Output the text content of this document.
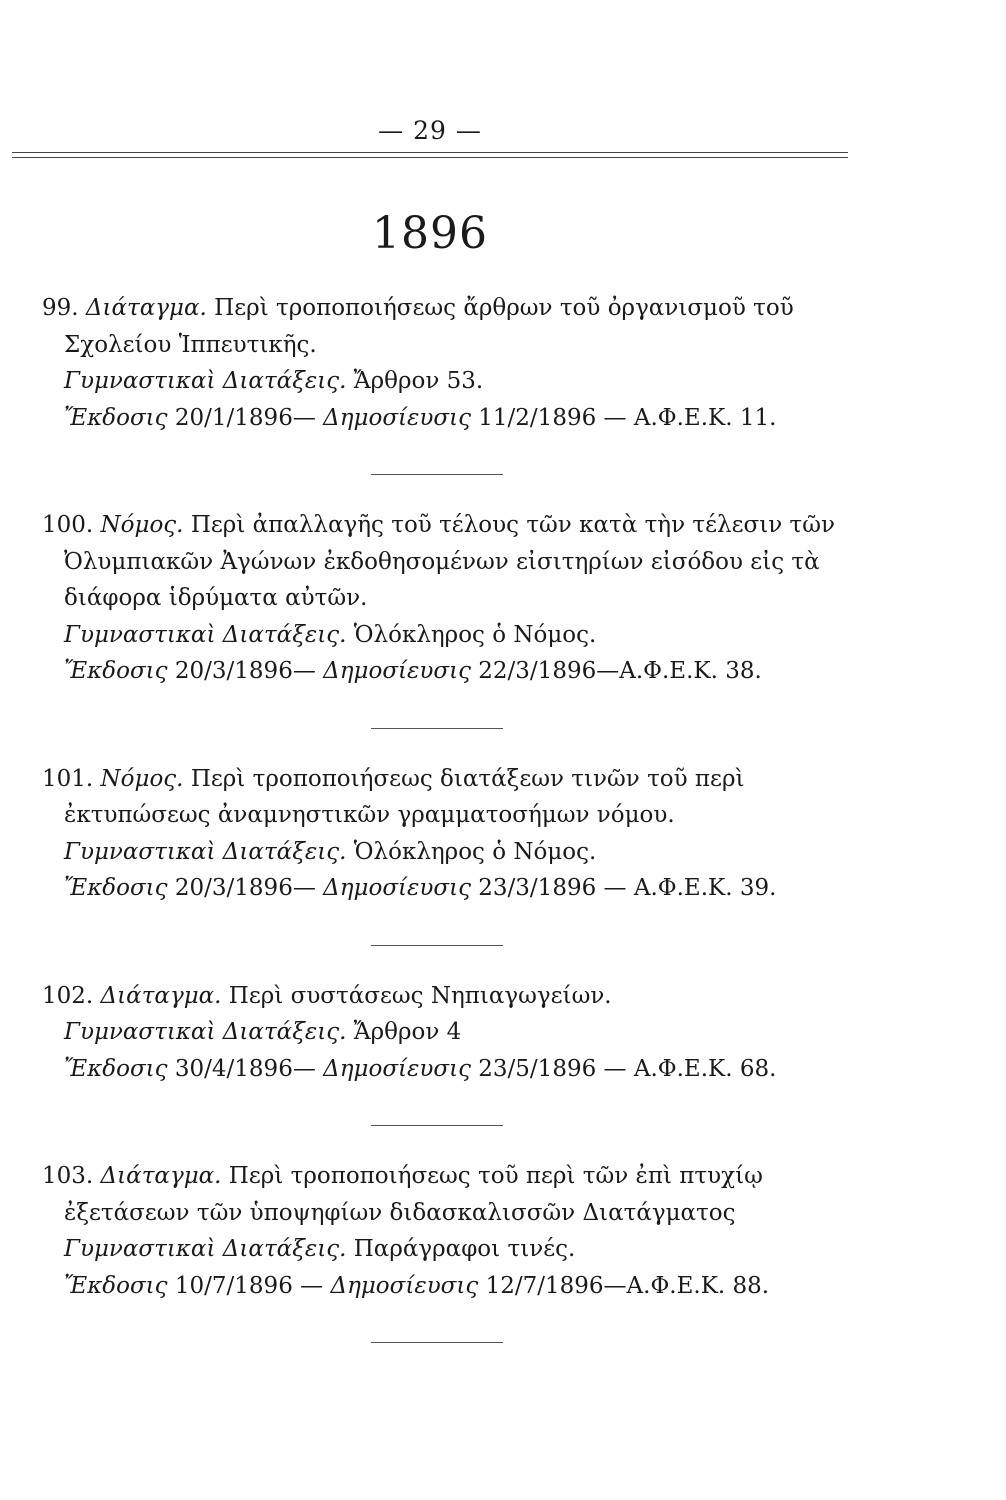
— 29 —
1896

99. Διάταγμα. Περὶ τροποποιήσεως ἄρθρων τοῦ ὀργανισμοῦ τοῦ Σχολείου Ἱππευτικῆς.

Γυμναστικαὶ Διατάξεις. Ἄρθρον 53.

Ἔκδοσις 20/1/1896— Δημοσίευσις 11/2/1896 — Α.Φ.Ε.Κ. 11.

100. Νόμος. Περὶ ἀπαλλαγῆς τοῦ τέλους τῶν κατὰ τὴν τέλεσιν τῶν Ὀλυμπιακῶν Ἀγώνων ἐκδοθησομένων εἰσιτηρίων εἰσόδου εἰς τὰ διάφορα ἱδρύματα αὐτῶν.

Γυμναστικαὶ Διατάξεις. Ὁλόκληρος ὁ Νόμος.

Ἔκδοσις 20/3/1896— Δημοσίευσις 22/3/1896—Α.Φ.Ε.Κ. 38.

101. Νόμος. Περὶ τροποποιήσεως διατάξεων τινῶν τοῦ περὶ ἐκτυπώσεως ἀναμνηστικῶν γραμματοσήμων νόμου.

Γυμναστικαὶ Διατάξεις. Ὁλόκληρος ὁ Νόμος.

Ἔκδοσις 20/3/1896— Δημοσίευσις 23/3/1896 — Α.Φ.Ε.Κ. 39.

102. Διάταγμα. Περὶ συστάσεως Νηπιαγωγείων.

Γυμναστικαὶ Διατάξεις. Ἄρθρον 4

Ἔκδοσις 30/4/1896— Δημοσίευσις 23/5/1896 — Α.Φ.Ε.Κ. 68.

103. Διάταγμα. Περὶ τροποποιήσεως τοῦ περὶ τῶν ἐπὶ πτυχίῳ ἐξετάσεων τῶν ὑποψηφίων διδασκαλισσῶν Διατάγματος

Γυμναστικαὶ Διατάξεις. Παράγραφοι τινές.

Ἔκδοσις 10/7/1896 — Δημοσίευσις 12/7/1896—Α.Φ.Ε.Κ. 88.
